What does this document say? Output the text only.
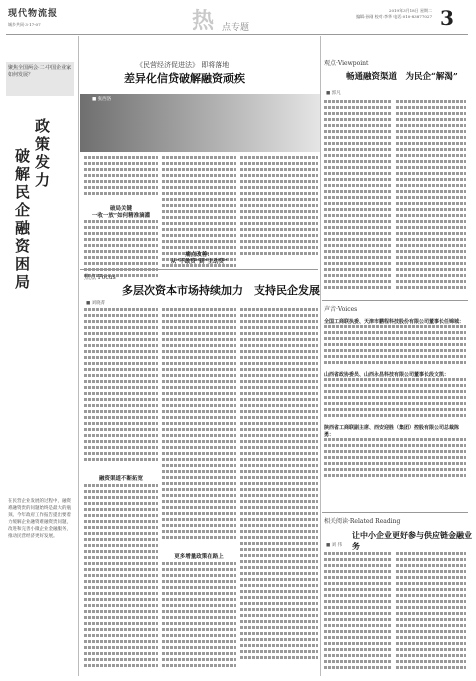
现代物流报
城乡共同·3·17-07	热 点专题
2019年3月18日 星期二
编辑:孙刚 校对:李华 电话:010-83877027 3
聚焦全国两会·二·中国企业家如何发展？
政策发力
破解民企融资困局
在民营企业发展的过程中，融资难融资贵的问题始终是最大的瓶颈。今年政府工作报告提出要着力缓解企业融资难融资贵问题，改进和完善小微企业金融服务，推动民营经济更好发展。
《民营经济促进法》 即将落地
差异化信贷破解融资顽疾
■ 张西洛
破局关键
一收一放”如何精准滴灌
痛点改善：
从“不敢贷”到“主动贷”
焦点·Focus
多层次资本市场持续加力　支持民企发展
■ 刘晓菁
融资渠道不断拓宽
更多增量政策在路上
观点·Viewpoint
畅通融资渠道　为民企“解渴”
■ 郭凡
声音·Voices
全国工商联执委、天津市鹏程科技股份有限公司董事长任锦城：
山西省政协委员、山西永昌科技有限公司董事长段文凯：
陕西省工商联副主席、西安迎胜（集团）控股有限公司总裁陈勇：
相关阅读·Related Reading
让中小企业更好参与供应链金融业务
■ 刘 伟
